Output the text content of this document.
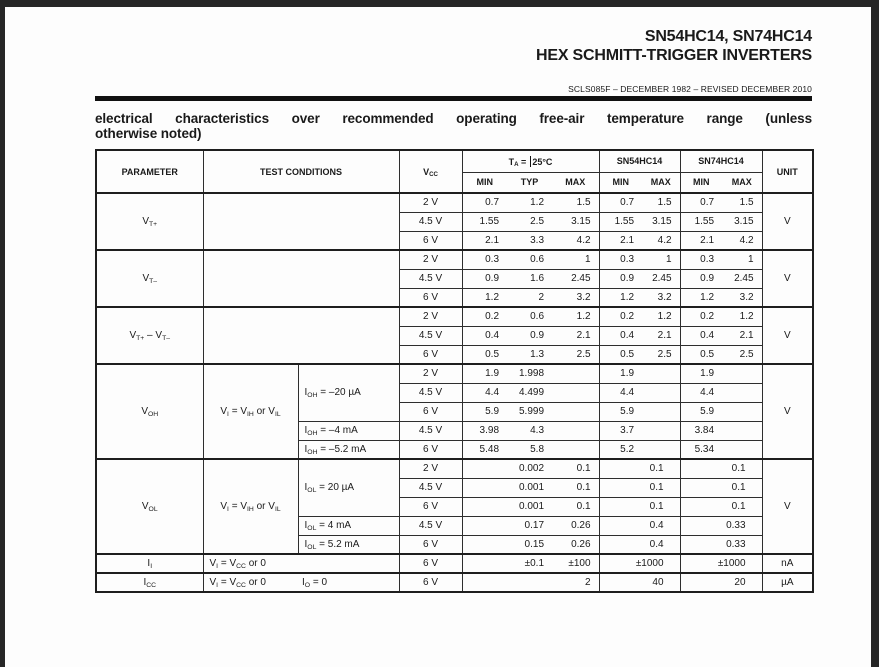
SN54HC14, SN74HC14
HEX SCHMITT-TRIGGER INVERTERS
SCLS085F – DECEMBER 1982 – REVISED DECEMBER 2010
electrical characteristics over recommended operating free-air temperature range (unless
otherwise noted)
PARAMETER	TEST CONDITIONS		$V_{CC}$	$T_A = 25^\circ C$			SN54HC14		SN74HC14		UNIT
				MIN	TYP	MAX	MIN	MAX	MIN	MAX	
$V_{T+}$			2 V	0.7	1.2	1.5	0.7	1.5	0.7	1.5	V
			4.5 V	1.55	2.5	3.15	1.55	3.15	1.55	3.15	
			6 V	2.1	3.3	4.2	2.1	4.2	2.1	4.2	
$V_{T-}$			2 V	0.3	0.6	1	0.3	1	0.3	1	V
			4.5 V	0.9	1.6	2.45	0.9	2.45	0.9	2.45	
			6 V	1.2	2	3.2	1.2	3.2	1.2	3.2	
$V_{T+} - V_{T-}$			2 V	0.2	0.6	1.2	0.2	1.2	0.2	1.2	V
			4.5 V	0.4	0.9	2.1	0.4	2.1	0.4	2.1	
			6 V	0.5	1.3	2.5	0.5	2.5	0.5	2.5	
$V_{OH}$	$V_I = V_{IH}$ or $V_{IL}$	$I_{OH} = -20$ µA	2 V	1.9	1.998		1.9		1.9		V
			4.5 V	4.4	4.499		4.4		4.4		
			6 V	5.9	5.999		5.9		5.9		
		$I_{OH} = -4$ mA	4.5 V	3.98	4.3		3.7		3.84		
		$I_{OH} = -5.2$ mA	6 V	5.48	5.8		5.2		5.34		
$V_{OL}$	$V_I = V_{IH}$ or $V_{IL}$	$I_{OL} = 20$ µA	2 V		0.002	0.1	0.1		0.1		V
			4.5 V		0.001	0.1	0.1		0.1		
			6 V		0.001	0.1	0.1		0.1		
		$I_{OL} = 4$ mA	4.5 V		0.17	0.26	0.4		0.33		
		$I_{OL} = 5.2$ mA	6 V		0.15	0.26	0.4		0.33		
$I_I$	$V_I = V_{CC}$ or 0		6 V		±0.1	±100	±1000		±1000		nA
$I_{CC}$	$V_I = V_{CC}$ or 0 $I_O = 0$		6 V			2	40		20		µA
